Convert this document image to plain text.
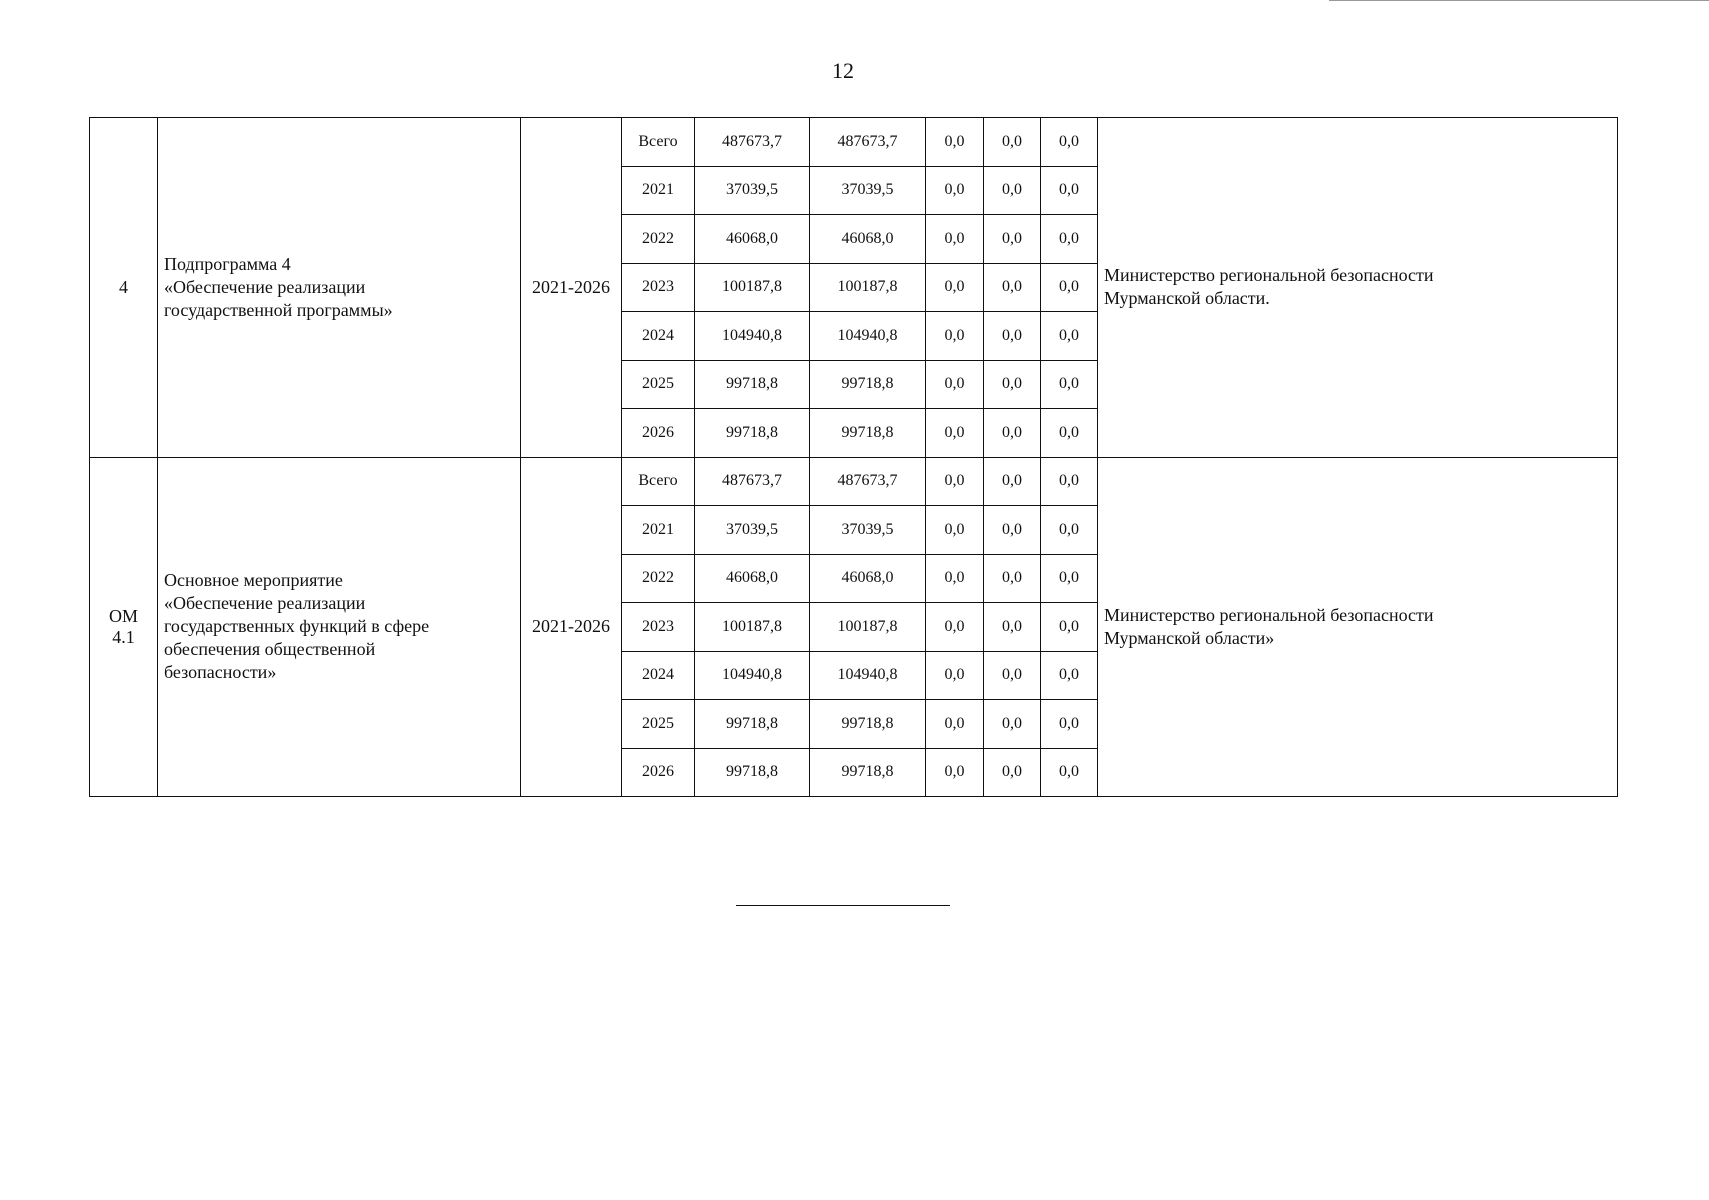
12
4	Подпрограмма 4
«Обеспечение реализации
государственной программы»	2021-2026	Всего	487673,7	487673,7	0,0	0,0	0,0	Министерство региональной безопасности
Мурманской области.
			2021	37039,5	37039,5	0,0	0,0	0,0	
			2022	46068,0	46068,0	0,0	0,0	0,0	
			2023	100187,8	100187,8	0,0	0,0	0,0	
			2024	104940,8	104940,8	0,0	0,0	0,0	
			2025	99718,8	99718,8	0,0	0,0	0,0	
			2026	99718,8	99718,8	0,0	0,0	0,0	
ОМ
4.1	Основное мероприятие
«Обеспечение реализации
государственных функций в сфере
обеспечения общественной
безопасности»	2021-2026	Всего	487673,7	487673,7	0,0	0,0	0,0	Министерство региональной безопасности
Мурманской области»
			2021	37039,5	37039,5	0,0	0,0	0,0	
			2022	46068,0	46068,0	0,0	0,0	0,0	
			2023	100187,8	100187,8	0,0	0,0	0,0	
			2024	104940,8	104940,8	0,0	0,0	0,0	
			2025	99718,8	99718,8	0,0	0,0	0,0	
			2026	99718,8	99718,8	0,0	0,0	0,0	
